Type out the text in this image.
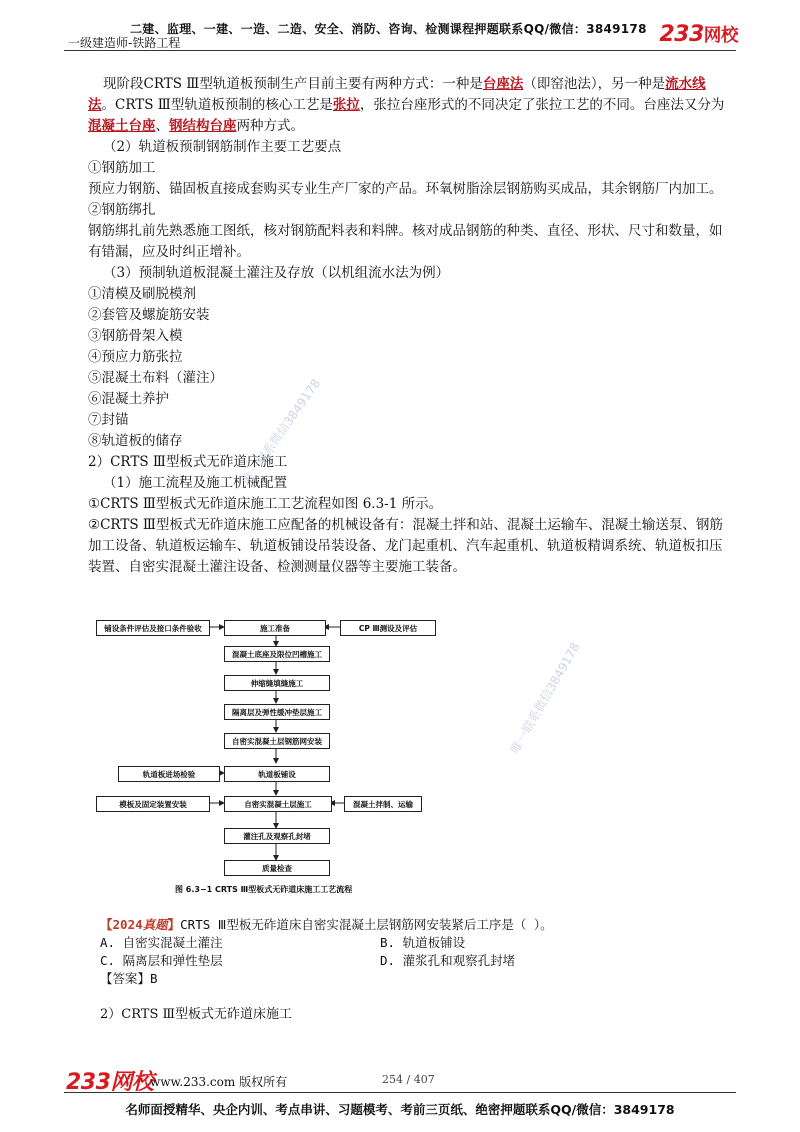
二建、监理、一建、一造、二造、安全、消防、咨询、检测课程押题联系QQ/微信：3849178
一级建造师-铁路工程	233网校

现阶段CRTS Ⅲ型轨道板预制生产目前主要有两种方式：一种是台座法（即窑池法），另一种是流水线法。CRTS Ⅲ型轨道板预制的核心工艺是张拉，张拉台座形式的不同决定了张拉工艺的不同。台座法又分为混凝土台座、钢结构台座两种方式。

（2）轨道板预制钢筋制作主要工艺要点

①钢筋加工

预应力钢筋、锚固板直接成套购买专业生产厂家的产品。环氧树脂涂层钢筋购买成品，其余钢筋厂内加工。

②钢筋绑扎

钢筋绑扎前先熟悉施工图纸，核对钢筋配料表和料牌。核对成品钢筋的种类、直径、形状、尺寸和数量，如有错漏，应及时纠正增补。

（3）预制轨道板混凝土灌注及存放（以机组流水法为例）

①清模及刷脱模剂

②套管及螺旋筋安装

③钢筋骨架入模

④预应力筋张拉

⑤混凝土布料（灌注）

⑥混凝土养护

⑦封锚

⑧轨道板的储存

2）CRTS Ⅲ型板式无砟道床施工

（1）施工流程及施工机械配置

①CRTS Ⅲ型板式无砟道床施工工艺流程如图 6.3-1 所示。

②CRTS Ⅲ型板式无砟道床施工应配备的机械设备有：混凝土拌和站、混凝土运输车、混凝土输送泵、钢筋加工设备、轨道板运输车、轨道板铺设吊装设备、龙门起重机、汽车起重机、轨道板精调系统、轨道板扣压装置、自密实混凝土灌注设备、检测测量仪器等主要施工装备。

唯一联系微信3849178
唯一联系微信3849178
铺设条件评估及接口条件验收	施工准备	CP Ⅲ测设及评估
混凝土底座及限位凹槽施工
伸缩缝填缝施工
隔离层及弹性缓冲垫层施工
自密实混凝土层钢筋网安装
轨道板进场检验	轨道板铺设
模板及固定装置安装	自密实混凝土层施工	混凝土拌制、运输
灌注孔及观察孔封堵
质量检查
图 6.3−1 CRTS Ⅲ型板式无砟道床施工工艺流程
【2024真题】CRTS Ⅲ型板无砟道床自密实混凝土层钢筋网安装紧后工序是（ ）。
A. 自密实混凝土灌注	B. 轨道板铺设
C. 隔离层和弹性垫层	D. 灌浆孔和观察孔封堵
【答案】B
2）CRTS Ⅲ型板式无砟道床施工
233网校
www.233.com 版权所有	254 / 407
名师面授精华、央企内训、考点串讲、习题模考、考前三页纸、绝密押题联系QQ/微信：3849178
